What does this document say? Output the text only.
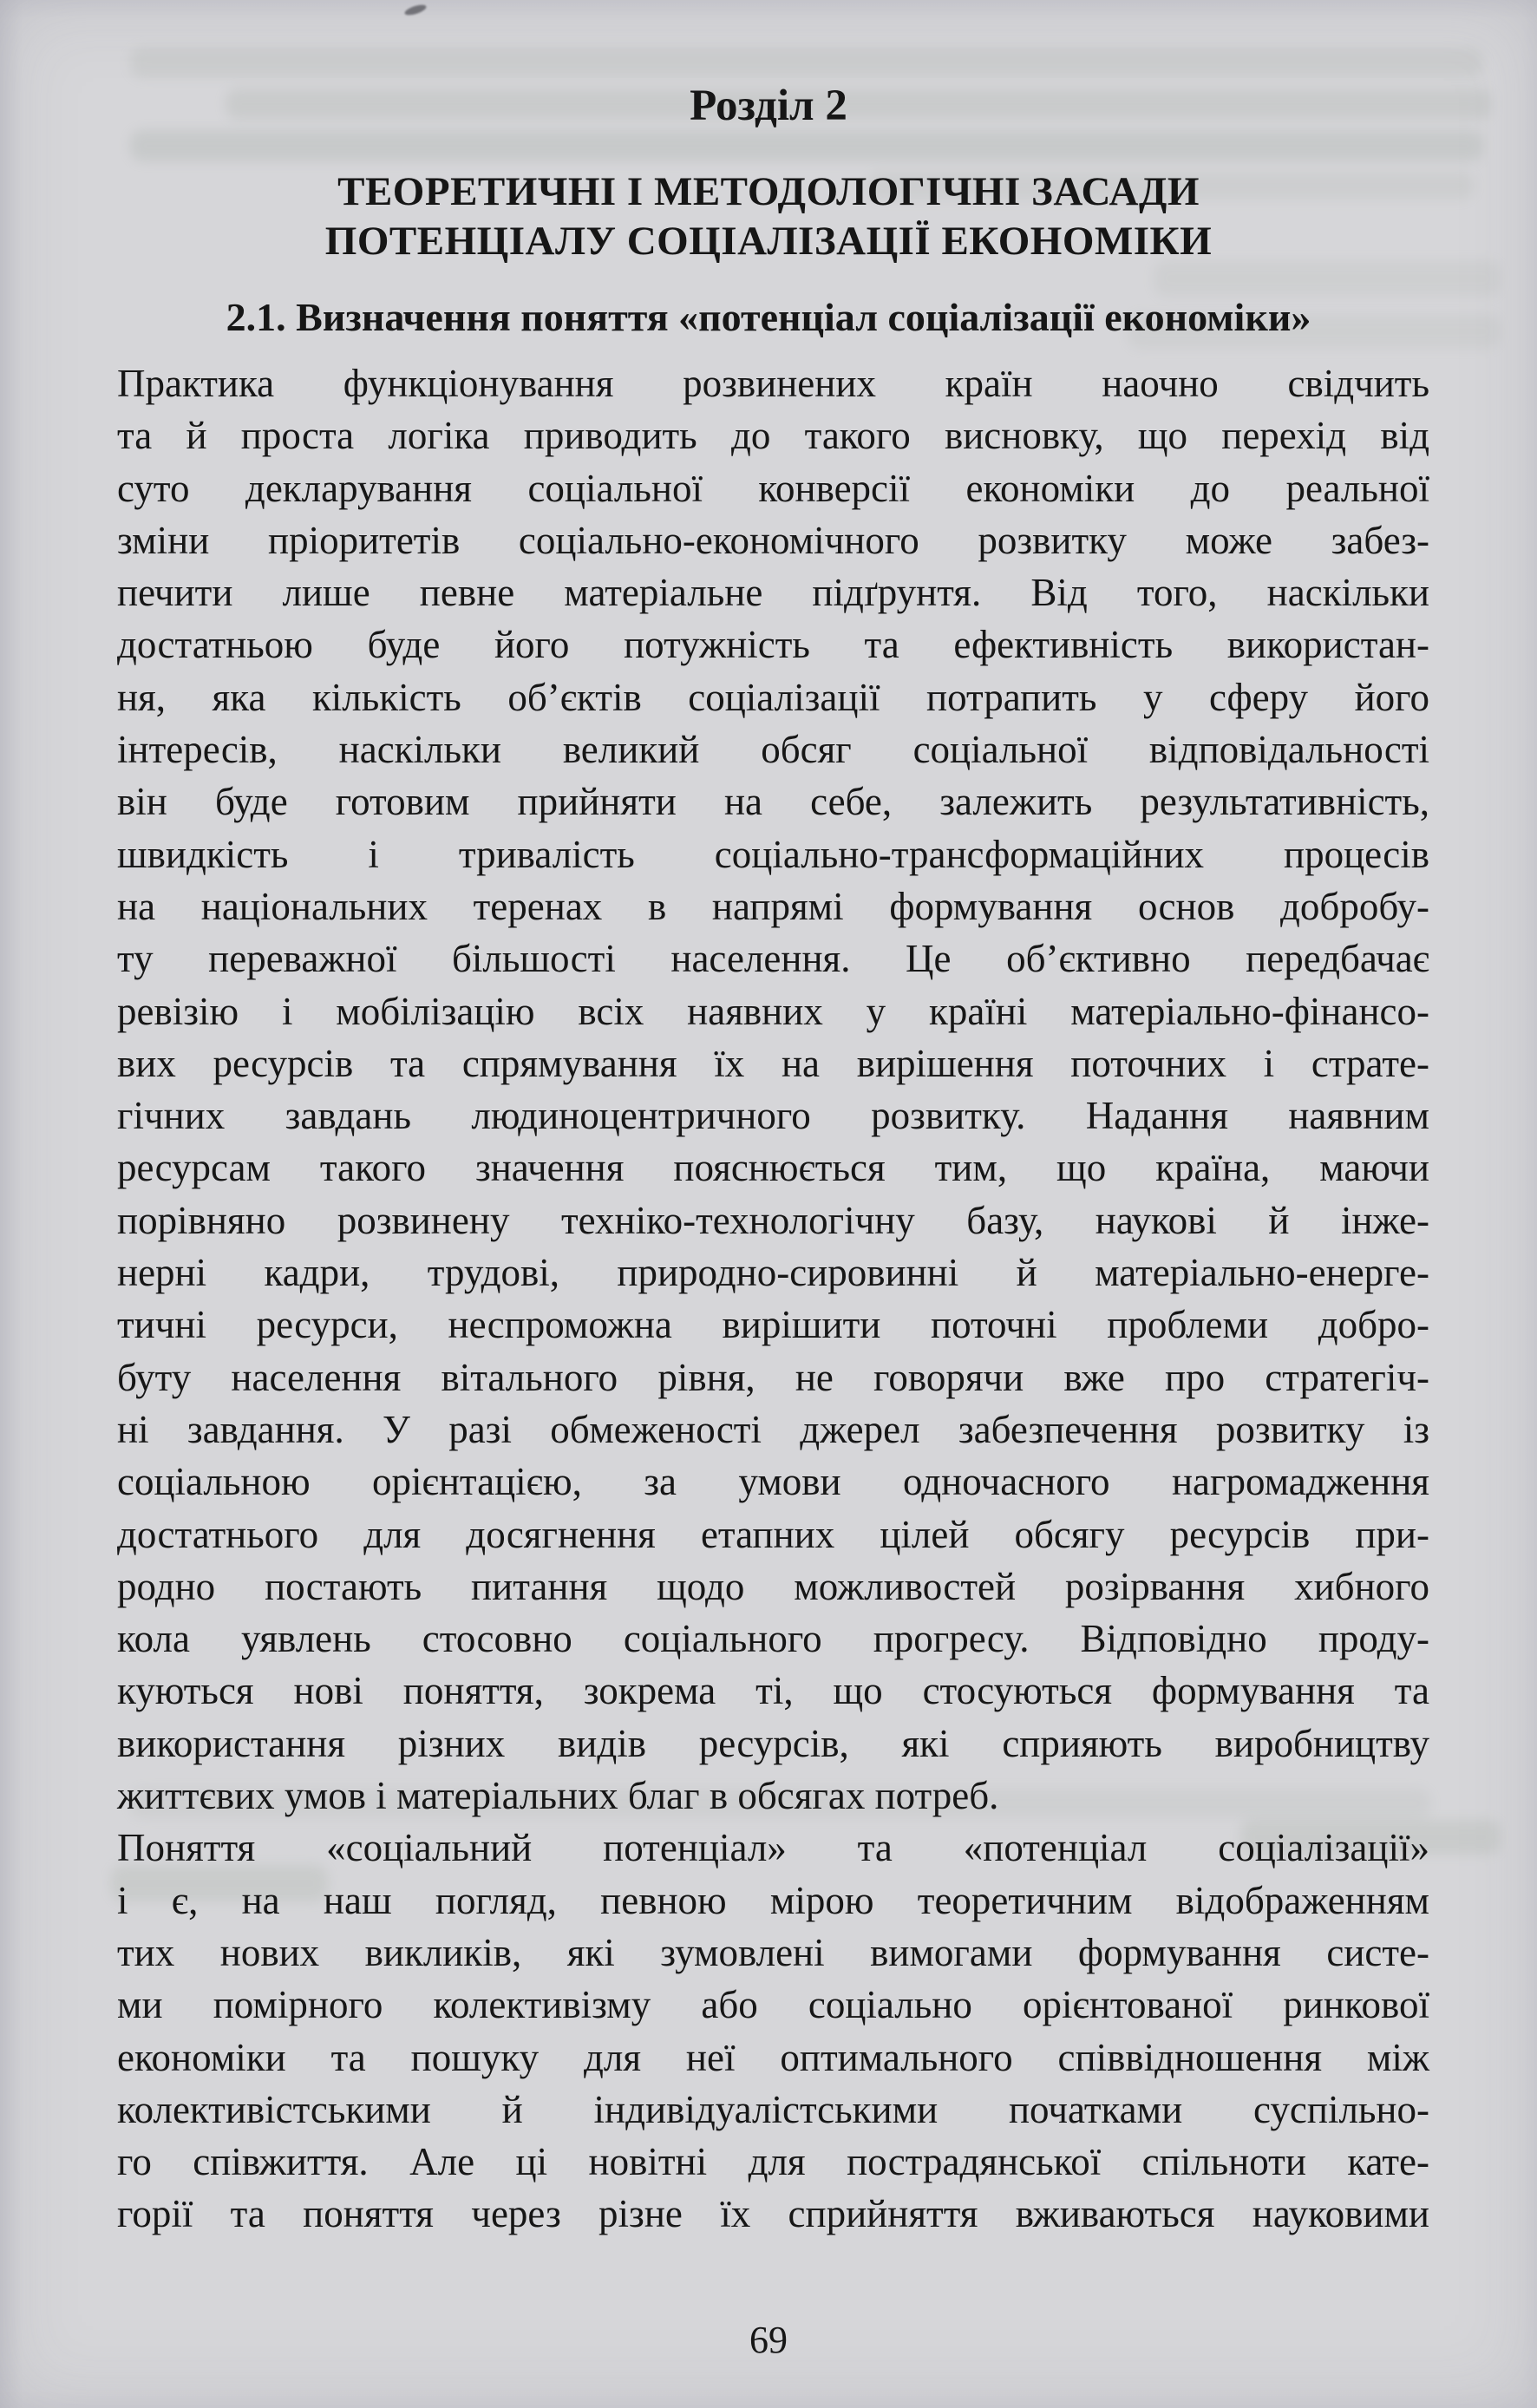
Розділ 2
ТЕОРЕТИЧНІ І МЕТОДОЛОГІЧНІ ЗАСАДИ
ПОТЕНЦІАЛУ СОЦІАЛІЗАЦІЇ ЕКОНОМІКИ
2.1. Визначення поняття «потенціал соціалізації економіки»
Практика функціонування розвинених країн наочно свідчить
та й проста логіка приводить до такого висновку, що перехід від
суто декларування соціальної конверсії економіки до реальної
зміни пріоритетів соціально-економічного розвитку може забез-
печити лише певне матеріальне підґрунтя. Від того, наскільки
достатньою буде його потужність та ефективність використан-
ня, яка кількість об’єктів соціалізації потрапить у сферу його
інтересів, наскільки великий обсяг соціальної відповідальності
він буде готовим прийняти на себе, залежить результативність,
швидкість і тривалість соціально-трансформаційних процесів
на національних теренах в напрямі формування основ добробу-
ту переважної більшості населення. Це об’єктивно передбачає
ревізію і мобілізацію всіх наявних у країні матеріально-фінансо-
вих ресурсів та спрямування їх на вирішення поточних і страте-
гічних завдань людиноцентричного розвитку. Надання наявним
ресурсам такого значення пояснюється тим, що країна, маючи
порівняно розвинену техніко-технологічну базу, наукові й інже-
нерні кадри, трудові, природно-сировинні й матеріально-енерге-
тичні ресурси, неспроможна вирішити поточні проблеми добро-
буту населення вітального рівня, не говорячи вже про стратегіч-
ні завдання. У разі обмеженості джерел забезпечення розвитку із
соціальною орієнтацією, за умови одночасного нагромадження
достатнього для досягнення етапних цілей обсягу ресурсів при-
родно постають питання щодо можливостей розірвання хибного
кола уявлень стосовно соціального прогресу. Відповідно проду-
куються нові поняття, зокрема ті, що стосуються формування та
використання різних видів ресурсів, які сприяють виробництву
життєвих умов і матеріальних благ в обсягах потреб.
Поняття «соціальний потенціал» та «потенціал соціалізації»
і є, на наш погляд, певною мірою теоретичним відображенням
тих нових викликів, які зумовлені вимогами формування систе-
ми помірного колективізму або соціально орієнтованої ринкової
економіки та пошуку для неї оптимального співвідношення між
колективістськими й індивідуалістськими початками суспільно-
го співжиття. Але ці новітні для пострадянської спільноти кате-
горії та поняття через різне їх сприйняття вживаються науковими
69
